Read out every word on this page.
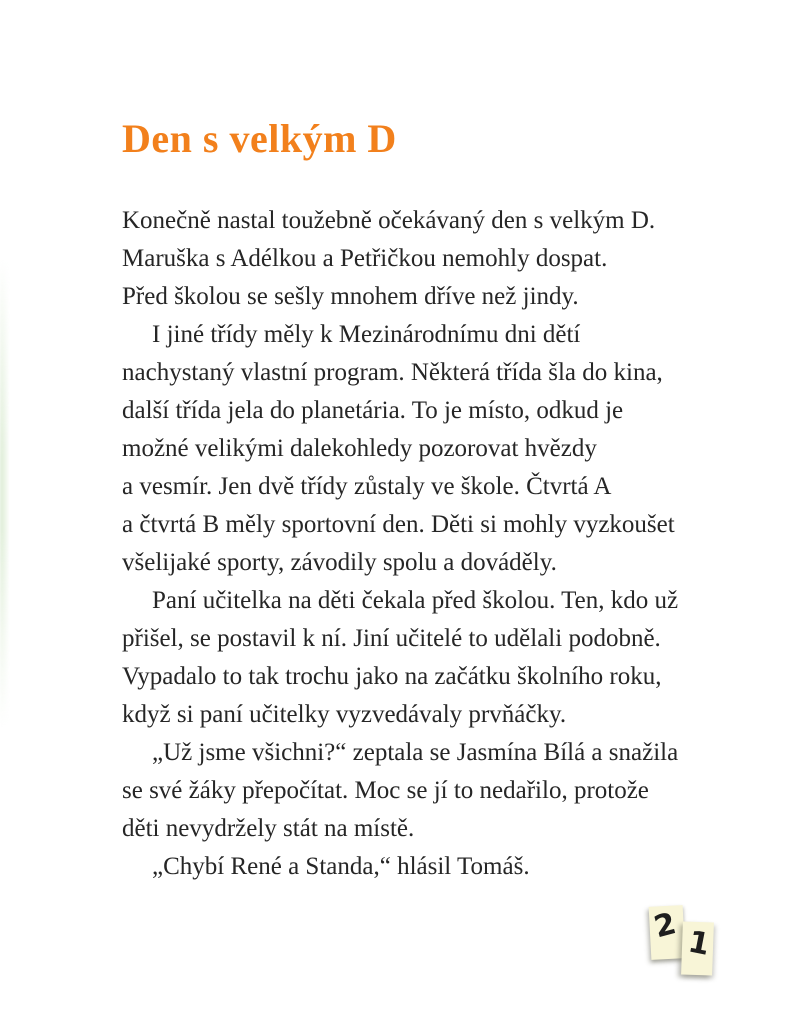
Den s velkým D
Konečně nastal toužebně očekávaný den s velkým D.
Maruška s Adélkou a Petřičkou nemohly dospat.
Před školou se sešly mnohem dříve než jindy.
I jiné třídy měly k Mezinárodnímu dni dětí
nachystaný vlastní program. Některá třída šla do kina,
další třída jela do planetária. To je místo, odkud je
možné velikými dalekohledy pozorovat hvězdy
a vesmír. Jen dvě třídy zůstaly ve škole. Čtvrtá A
a čtvrtá B měly sportovní den. Děti si mohly vyzkoušet
všelijaké sporty, závodily spolu a dováděly.
Paní učitelka na děti čekala před školou. Ten, kdo už
přišel, se postavil k ní. Jiní učitelé to udělali podobně.
Vypadalo to tak trochu jako na začátku školního roku,
když si paní učitelky vyzvedávaly prvňáčky.
„Už jsme všichni?“ zeptala se Jasmína Bílá a snažila
se své žáky přepočítat. Moc se jí to nedařilo, protože
děti nevydržely stát na místě.
„Chybí René a Standa,“ hlásil Tomáš.
2 1
